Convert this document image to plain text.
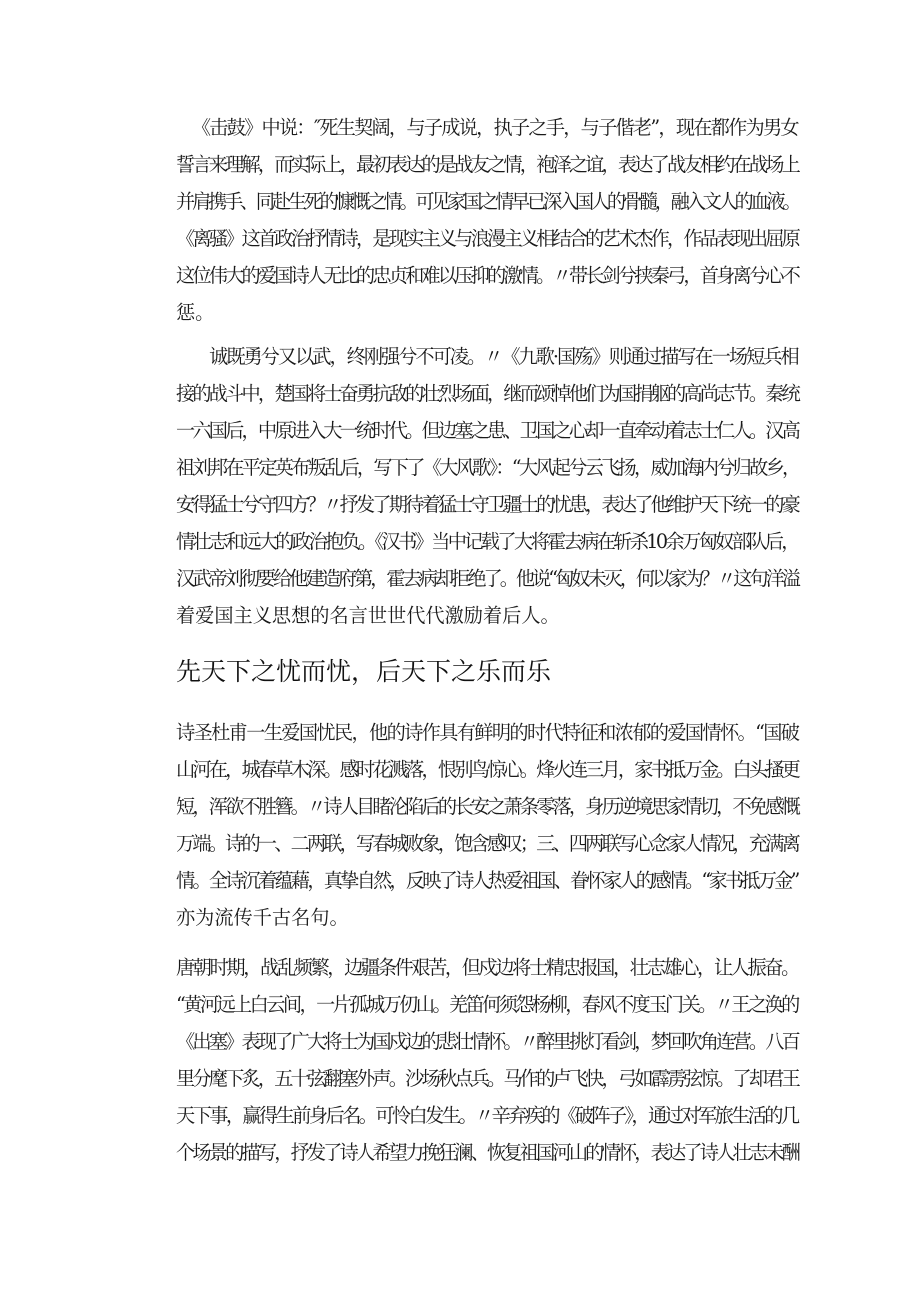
　《击鼓》中说：″死生契阔，与子成说，执子之手，与子偕老”，现在都作为男女
誓言来理解，而实际上，最初表达的是战友之情，袍泽之谊，表达了战友相约在战场上
并肩携手、同赴生死的慷慨之情。可见家国之情早已深入国人的骨髓，融入文人的血液。
《离骚》这首政治抒情诗，是现实主义与浪漫主义相结合的艺术杰作，作品表现出屈原
这位伟大的爱国诗人无比的忠贞和难以压抑的激情。〃带长剑兮挟秦弓，首身离兮心不
惩。
　诚既勇兮又以武，终刚强兮不可凌。〃《九歌·国殇》则通过描写在一场短兵相
接的战斗中，楚国将士奋勇抗敌的壮烈场面，继而颂悼他们为国捐躯的高尚志节。秦统
一六国后，中原进入大一统时代。但边塞之患、卫国之心却一直牵动着志士仁人。汉高
祖刘邦在平定英布叛乱后，写下了《大风歌》：“大风起兮云飞扬，威加海内兮归故乡，
安得猛士兮守四方？〃抒发了期待着猛士守卫疆土的忧患，表达了他维护天下统一的豪
情壮志和远大的政治抱负。《汉书》当中记载了大将霍去病在斩杀10余万匈奴部队后，
汉武帝刘彻要给他建造府第，霍去病却拒绝了。他说“匈奴未灭，何以家为？〃这句洋溢
着爱国主义思想的名言世世代代激励着后人。
先天下之忧而忧，后天下之乐而乐
诗圣杜甫一生爱国忧民，他的诗作具有鲜明的时代特征和浓郁的爱国情怀。“国破
山河在，城春草木深。感时花溅落，恨别鸟惊心。烽火连三月，家书抵万金。白头搔更
短，浑欲不胜簪。〃诗人目睹沦陷后的长安之萧条零落，身历逆境思家情切，不免感慨
万端。诗的一、二两联，写春城败象，饱含感叹；三、四两联写心念家人情况，充满离
情。全诗沉着蕴藉，真挚自然，反映了诗人热爱祖国、眷怀家人的感情。“家书抵万金”
亦为流传千古名句。
唐朝时期，战乱频繁，边疆条件艰苦，但戍边将士精忠报国，壮志雄心，让人振奋。
“黄河远上白云间，一片孤城万仞山。羌笛何须怨杨柳，春风不度玉门关。〃王之涣的
《出塞》表现了广大将士为国戍边的悲壮情怀。〃醉里挑灯看剑，梦回吹角连营。八百
里分麾下炙，五十弦翻塞外声。沙场秋点兵。马作的卢飞快，弓如霹雳弦惊。了却君王
天下事，赢得生前身后名。可怜白发生。〃辛弃疾的《破阵子》，通过对军旅生活的几
个场景的描写，抒发了诗人希望力挽狂澜、恢复祖国河山的情怀，表达了诗人壮志未酬
